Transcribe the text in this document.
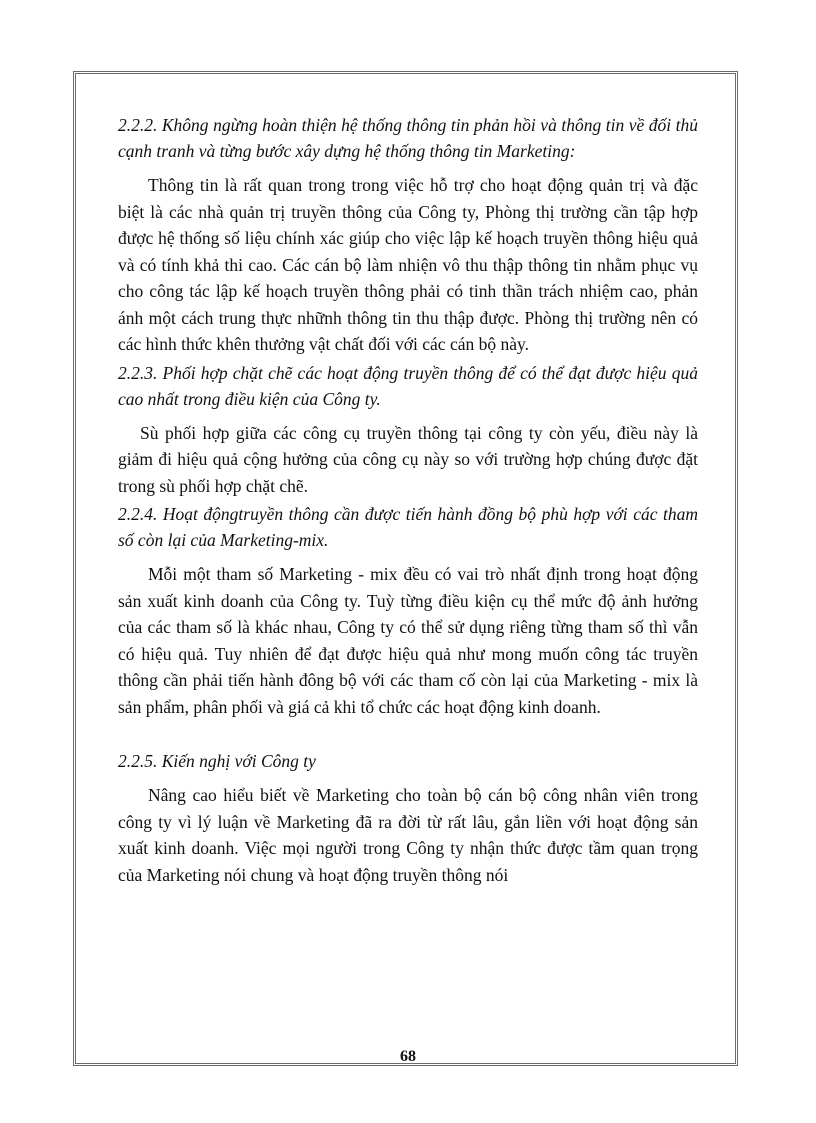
2.2.2. Không ngừng hoàn thiện hệ thống thông tin phản hồi và thông tin về đối thủ cạnh tranh và từng bước xây dựng hệ thống thông tin Marketing:

Thông tin là rất quan trong trong việc hỗ trợ cho hoạt động quản trị và đặc biệt là các nhà quản trị truyền thông của Công ty, Phòng thị trường cần tập hợp được hệ thống số liệu chính xác giúp cho việc lập kế hoạch truyền thông hiệu quả và có tính khả thi cao. Các cán bộ làm nhiện vô thu thập thông tin nhằm phục vụ cho công tác lập kế hoạch truyền thông phải có tinh thần trách nhiệm cao, phản ánh một cách trung thực nhữnh thông tin thu thập được. Phòng thị trường nên có các hình thức khên thưởng vật chất đối với các cán bộ này.

2.2.3. Phối hợp chặt chẽ các hoạt động truyền thông để có thể đạt được hiệu quả cao nhất trong điều kiện của Công ty.

Sù phối hợp giữa các công cụ truyền thông tại công ty còn yếu, điều này là giảm đi hiệu quả cộng hưởng của công cụ này so với trường hợp chúng được đặt trong sù phối hợp chặt chẽ.

2.2.4. Hoạt độngtruyền thông cần được tiến hành đồng bộ phù hợp với các tham số còn lại của Marketing-mix.

Mỗi một tham số Marketing - mix đều có vai trò nhất định trong hoạt động sản xuất kinh doanh của Công ty. Tuỳ từng điều kiện cụ thể mức độ ảnh hưởng của các tham số là khác nhau, Công ty có thể sử dụng riêng từng tham số thì vẫn có hiệu quả. Tuy nhiên để đạt được hiệu quả như mong muốn công tác truyền thông cần phải tiến hành đông bộ với các tham cố còn lại của Marketing - mix là sản phẩm, phân phối và giá cả khi tổ chức các hoạt động kinh doanh.

2.2.5. Kiến nghị với Công ty

Nâng cao hiểu biết về Marketing cho toàn bộ cán bộ công nhân viên trong công ty vì lý luận về Marketing đã ra đời từ rất lâu, gắn liền với hoạt động sản xuất kinh doanh. Việc mọi người trong Công ty nhận thức được tầm quan trọng của Marketing nói chung và hoạt động truyền thông nói

68
